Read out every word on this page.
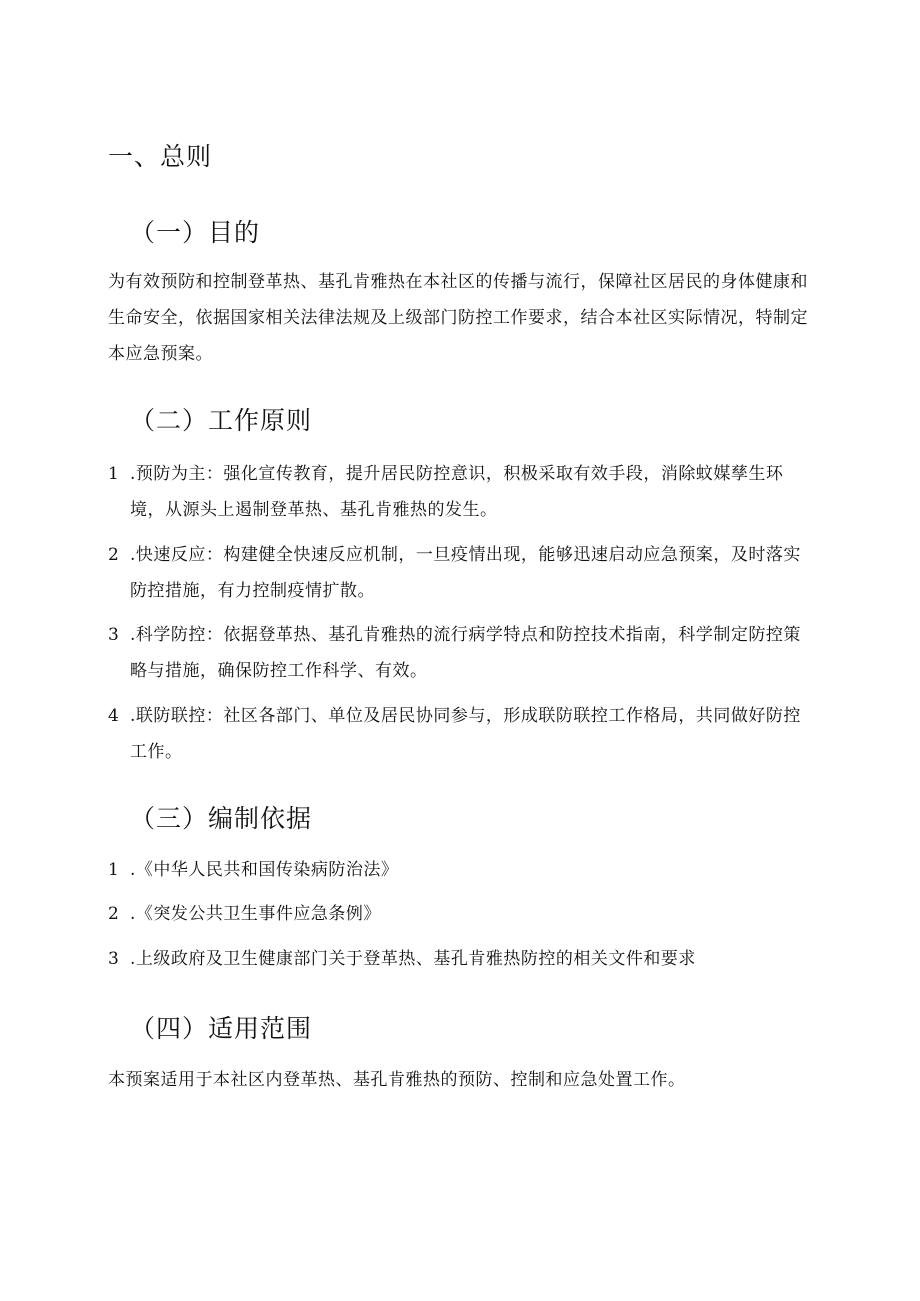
一、总则
（一）目的
为有效预防和控制登革热、基孔肯雅热在本社区的传播与流行，保障社区居民的身体健康和生命安全，依据国家相关法律法规及上级部门防控工作要求，结合本社区实际情况，特制定本应急预案。
（二）工作原则
1 .预防为主：强化宣传教育，提升居民防控意识，积极采取有效手段，消除蚊媒孳生环境，从源头上遏制登革热、基孔肯雅热的发生。
2 .快速反应：构建健全快速反应机制，一旦疫情出现，能够迅速启动应急预案，及时落实防控措施，有力控制疫情扩散。
3 .科学防控：依据登革热、基孔肯雅热的流行病学特点和防控技术指南，科学制定防控策略与措施，确保防控工作科学、有效。
4 .联防联控：社区各部门、单位及居民协同参与，形成联防联控工作格局，共同做好防控工作。
（三）编制依据
1 .《中华人民共和国传染病防治法》
2 .《突发公共卫生事件应急条例》
3 .上级政府及卫生健康部门关于登革热、基孔肯雅热防控的相关文件和要求
（四）适用范围
本预案适用于本社区内登革热、基孔肯雅热的预防、控制和应急处置工作。
